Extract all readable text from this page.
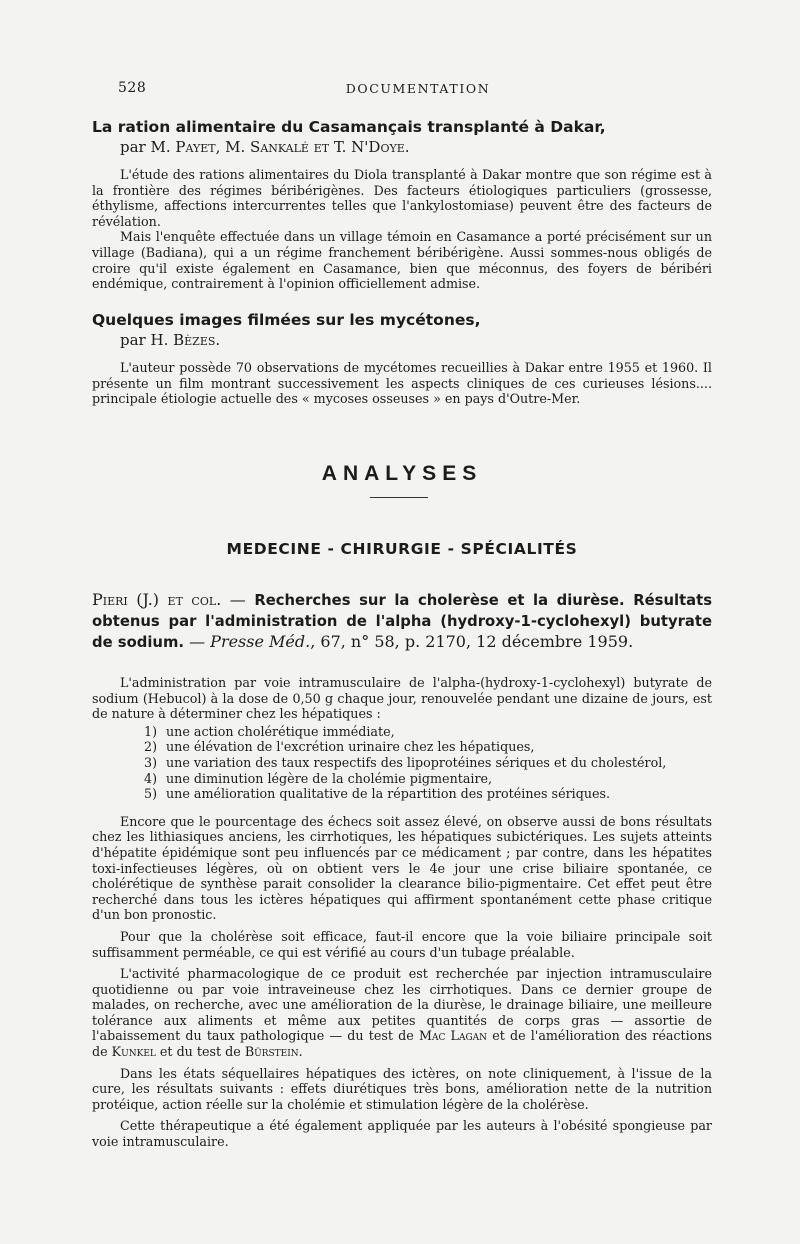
528	DOCUMENTATION
La ration alimentaire du Casamançais transplanté à Dakar,

par M. Payet, M. Sankalé et T. N'Doye.

L'étude des rations alimentaires du Diola transplanté à Dakar montre que son régime est à la frontière des régimes béribérigènes. Des facteurs étiologiques particuliers (grossesse, éthylisme, affections intercurrentes telles que l'ankylostomiase) peuvent être des facteurs de révélation.

Mais l'enquête effectuée dans un village témoin en Casamance a porté précisément sur un village (Badiana), qui a un régime franchement béribérigène. Aussi sommes-nous obligés de croire qu'il existe également en Casamance, bien que méconnus, des foyers de béribéri endémique, contrairement à l'opinion officiellement admise.

Quelques images filmées sur les mycétones,

par H. Bèzes.

L'auteur possède 70 observations de mycétomes recueillies à Dakar entre 1955 et 1960. Il présente un film montrant successivement les aspects cliniques de ces curieuses lésions.... principale étiologie actuelle des « mycoses osseuses » en pays d'Outre-Mer.

ANALYSES
MEDECINE - CHIRURGIE - SPÉCIALITÉS

Pieri (J.) et col. — Recherches sur la cholerèse et la diurèse. Résultats obtenus par l'administration de l'alpha (hydroxy-1-cyclohexyl) butyrate de sodium. — Presse Méd., 67, n° 58, p. 2170, 12 décembre 1959.

L'administration par voie intramusculaire de l'alpha-(hydroxy-1-cyclohexyl) butyrate de sodium (Hebucol) à la dose de 0,50 g chaque jour, renouvelée pendant une dizaine de jours, est de nature à déterminer chez les hépatiques :

1) une action cholérétique immédiate,
2) une élévation de l'excrétion urinaire chez les hépatiques,
3) une variation des taux respectifs des lipoprotéines sériques et du cholestérol,
4) une diminution légère de la cholémie pigmentaire,
5) une amélioration qualitative de la répartition des protéines sériques.

Encore que le pourcentage des échecs soit assez élevé, on observe aussi de bons résultats chez les lithiasiques anciens, les cirrhotiques, les hépatiques subictériques. Les sujets atteints d'hépatite épidémique sont peu influencés par ce médicament ; par contre, dans les hépatites toxi-infectieuses légères, où on obtient vers le 4e jour une crise biliaire spontanée, ce cholérétique de synthèse parait consolider la clearance bilio-pigmentaire. Cet effet peut être recherché dans tous les ictères hépatiques qui affirment spontanément cette phase critique d'un bon pronostic.

Pour que la cholérèse soit efficace, faut-il encore que la voie biliaire principale soit suffisamment perméable, ce qui est vérifié au cours d'un tubage préalable.

L'activité pharmacologique de ce produit est recherchée par injection intramusculaire quotidienne ou par voie intraveineuse chez les cirrhotiques. Dans ce dernier groupe de malades, on recherche, avec une amélioration de la diurèse, le drainage biliaire, une meilleure tolérance aux aliments et même aux petites quantités de corps gras — assortie de l'abaissement du taux pathologique — du test de Mac Lagan et de l'amélioration des réactions de Kunkel et du test de Bürstein.

Dans les états séquellaires hépatiques des ictères, on note cliniquement, à l'issue de la cure, les résultats suivants : effets diurétiques très bons, amélioration nette de la nutrition protéique, action réelle sur la cholémie et stimulation légère de la cholérèse.

Cette thérapeutique a été également appliquée par les auteurs à l'obésité spongieuse par voie intramusculaire.
